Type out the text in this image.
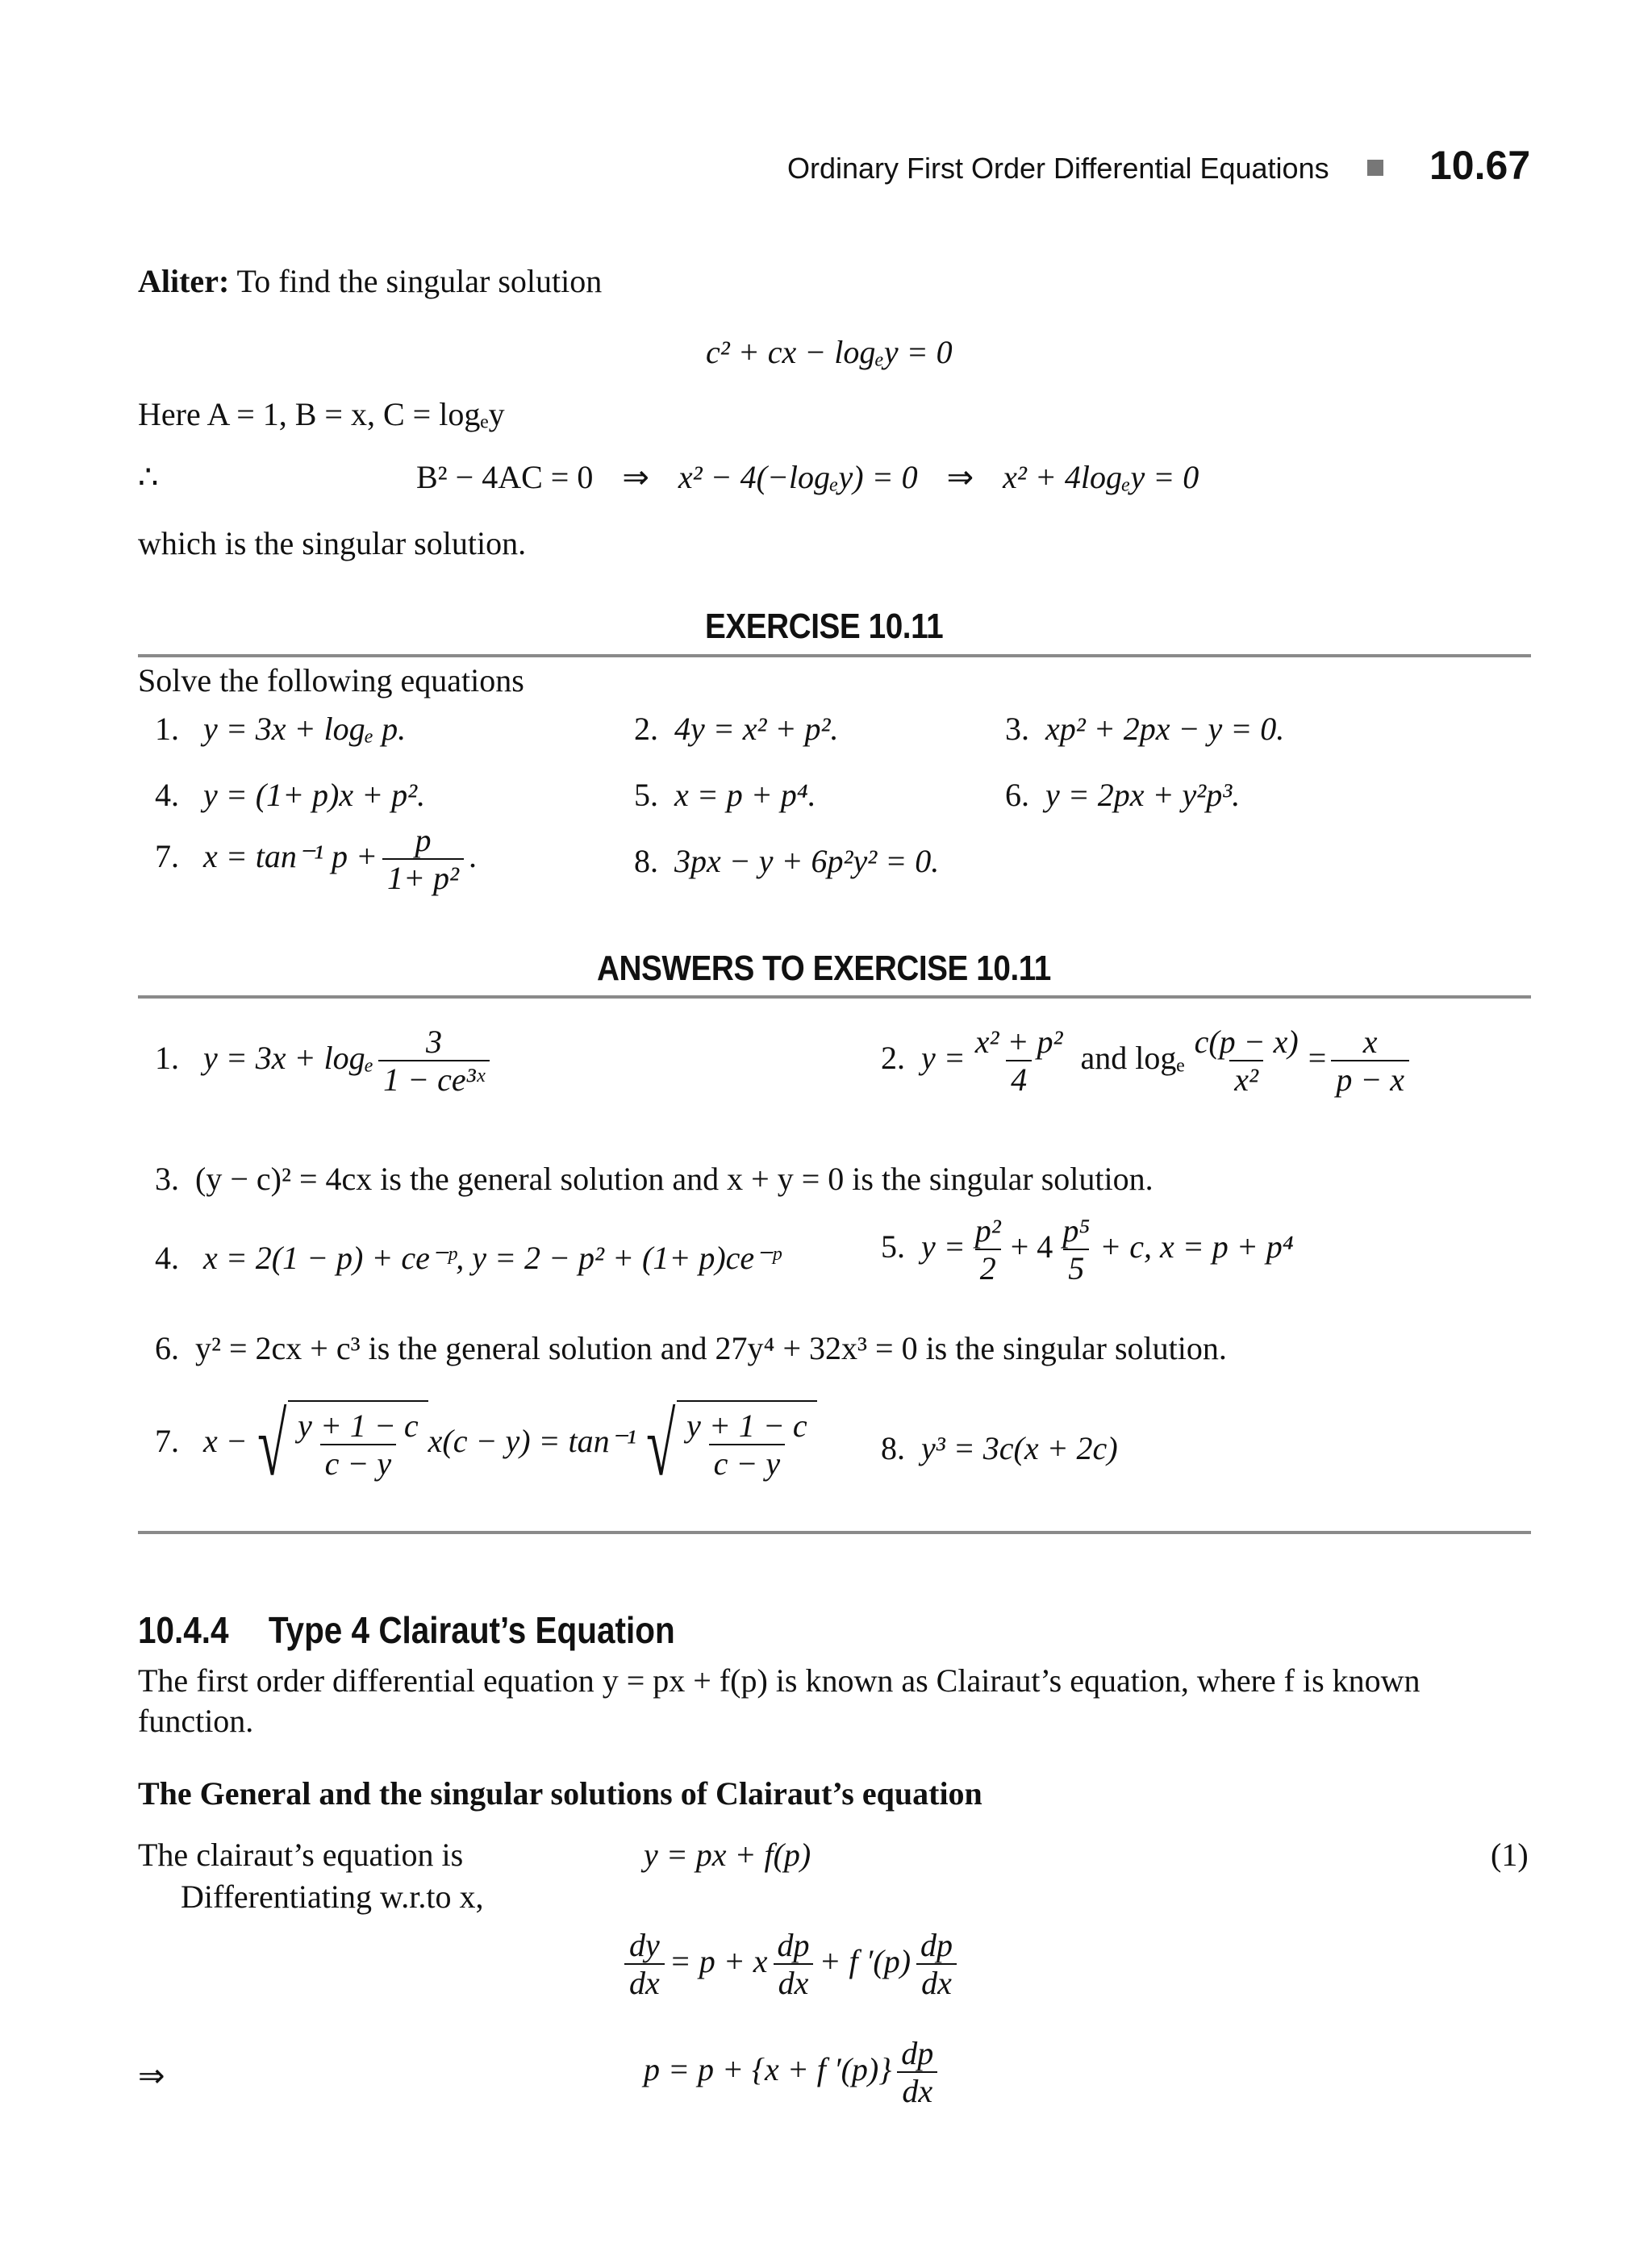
Ordinary First Order Differential Equations 10.67
Aliter: To find the singular solution
c² + cx − logₑy = 0
Here A = 1, B = x, C = logₑy
∴	B² − 4AC = 0 ⇒ x² − 4(−logₑy) = 0 ⇒ x² + 4logₑy = 0
which is the singular solution.
EXERCISE 10.11
Solve the following equations
1. y = 3x + logₑ p.	2. 4y = x² + p².	3. xp² + 2px − y = 0.
4. y = (1+ p)x + p².	5. x = p + p⁴.	6. y = 2px + y²p³.
7. x = tan⁻¹ $p + \frac{p}{\text{1+ p²}}$ .	8. 3px − y + 6p²y² = 0.
ANSWERS TO EXERCISE 10.11
1. y = 3x + logₑ $\frac{3}{\text{1 − ce³ˣ}}$	2. $y = \frac{\text{x² + p²}}{4}$ and logₑ $\frac{c(p - x)}{\text{x²}} = \frac{x}{p - x}$
3. (y − c)² = 4cx is the general solution and x + y = 0 is the singular solution.
4. x = 2(1 − p) + ce⁻ᵖ, y = 2 − p² + (1+ p)ce⁻ᵖ	5. $y = \frac{\text{p²}}{2} + 4 \frac{\text{p⁵}}{5} + c$, x = p + p⁴
6. y² = 2cx + c³ is the general solution and 27y⁴ + 32x³ = 0 is the singular solution.
7. x − √ $\frac{y + 1 - c}{c - y} x(c - y) = \tan^{-1}$ √ $\frac{y + 1 - c}{c - y} 8$. y³ = 3c(x + 2c)
10.4.4 Type 4 Clairaut’s Equation
The first order differential equation y = px + f(p) is known as Clairaut’s equation, where f is known
function.
The General and the singular solutions of Clairaut’s equation
The clairaut’s equation is	y = px + f(p)	(1)
Differentiating w.r.to x,
$\frac{dy}{dx} = p + x \frac{dp}{dx} + f$ $'(p) \frac{dp}{dx}$
⇒	p = p + {x + f $'(p)\} \frac{dp}{dx}$
